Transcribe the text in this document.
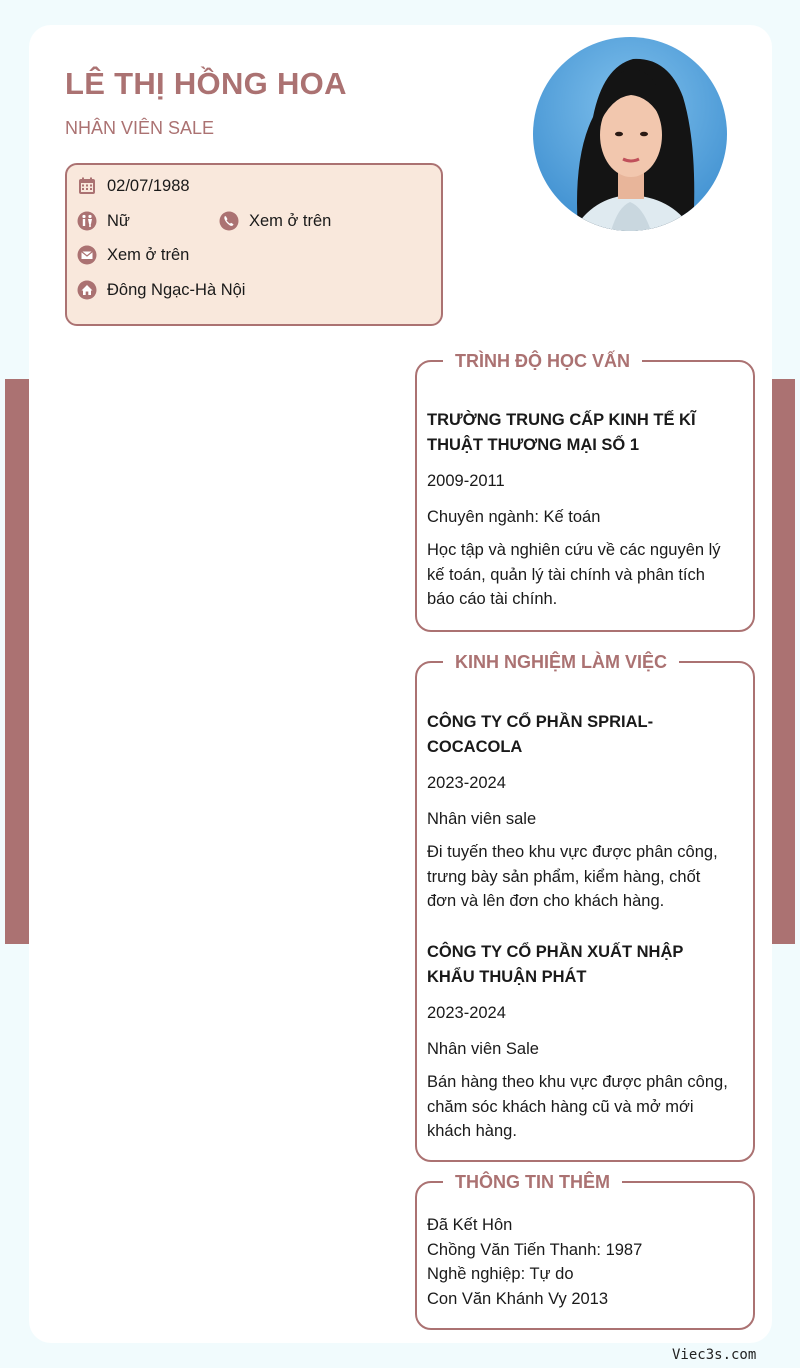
LÊ THỊ HỒNG HOA
NHÂN VIÊN SALE
02/07/1988
Nữ	Xem ở trên
Xem ở trên
Đông Ngạc-Hà Nội
TRÌNH ĐỘ HỌC VẤN
TRƯỜNG TRUNG CẤP KINH TẾ KĨ THUẬT THƯƠNG MẠI SỐ 1
2009-2011
Chuyên ngành: Kế toán
Học tập và nghiên cứu về các nguyên lý kế toán, quản lý tài chính và phân tích báo cáo tài chính.
KINH NGHIỆM LÀM VIỆC
CÔNG TY CỔ PHẦN SPRIAL-COCACOLA
2023-2024
Nhân viên sale
Đi tuyến theo khu vực được phân công, trưng bày sản phẩm, kiểm hàng, chốt đơn và lên đơn cho khách hàng.
CÔNG TY CỔ PHẦN XUẤT NHẬP KHẨU THUẬN PHÁT
2023-2024
Nhân viên Sale
Bán hàng theo khu vực được phân công, chăm sóc khách hàng cũ và mở mới khách hàng.
THÔNG TIN THÊM
Đã Kết Hôn
Chồng Văn Tiến Thanh: 1987
Nghề nghiệp: Tự do
Con Văn Khánh Vy 2013
Viec3s.com
